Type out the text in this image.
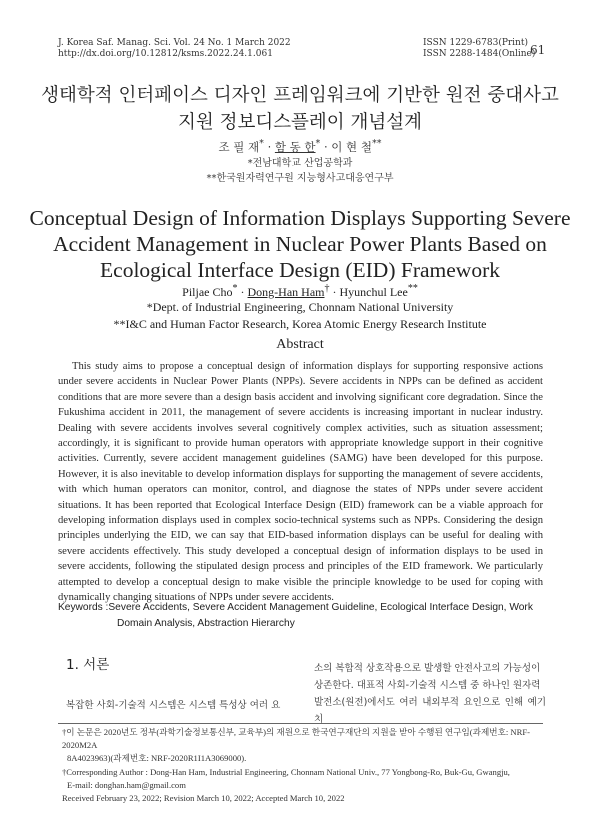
J. Korea Saf. Manag. Sci. Vol. 24 No. 1 March 2022
http://dx.doi.org/10.12812/ksms.2022.24.1.061
ISSN 1229-6783(Print)
ISSN 2288-1484(Online)
61
생태학적 인터페이스 디자인 프레임워크에 기반한 원전 중대사고
지원 정보디스플레이 개념설계
조 필 재* · 함 동 한* · 이 현 철**
*전남대학교 산업공학과
**한국원자력연구원 지능형사고대응연구부
Conceptual Design of Information Displays Supporting Severe
Accident Management in Nuclear Power Plants Based on
Ecological Interface Design (EID) Framework
Piljae Cho* · Dong-Han Ham† · Hyunchul Lee**
*Dept. of Industrial Engineering, Chonnam National University
**I&C and Human Factor Research, Korea Atomic Energy Research Institute
Abstract
This study aims to propose a conceptual design of information displays for supporting responsive actions under severe accidents in Nuclear Power Plants (NPPs). Severe accidents in NPPs can be defined as accident conditions that are more severe than a design basis accident and involving significant core degradation. Since the Fukushima accident in 2011, the management of severe accidents is increasing important in nuclear industry. Dealing with severe accidents involves several cognitively complex activities, such as situation assessment; accordingly, it is significant to provide human operators with appropriate knowledge support in their cognitive activities. Currently, severe accident management guidelines (SAMG) have been developed for this purpose. However, it is also inevitable to develop information displays for supporting the management of severe accidents, with which human operators can monitor, control, and diagnose the states of NPPs under severe accident situations. It has been reported that Ecological Interface Design (EID) framework can be a viable approach for developing information displays used in complex socio-technical systems such as NPPs. Considering the design principles underlying the EID, we can say that EID-based information displays can be useful for dealing with severe accidents effectively. This study developed a conceptual design of information displays to be used in severe accidents, following the stipulated design process and principles of the EID framework. We particularly attempted to develop a conceptual design to make visible the principle knowledge to be used for coping with dynamically changing situations of NPPs under severe accidents.
Keywords :Severe Accidents, Severe Accident Management Guideline, Ecological Interface Design, Work
Domain Analysis, Abstraction Hierarchy
1. 서론
복잡한 사회-기술적 시스템은 시스템 특성상 여러 요
소의 복합적 상호작용으로 발생할 안전사고의 가능성이
상존한다. 대표적 사회-기술적 시스템 중 하나인 원자력
발전소(원전)에서도 여러 내외부적 요인으로 인해 예기치
†이 논문은 2020년도 정부(과학기술정보통신부, 교육부)의 재원으로 한국연구재단의 지원을 받아 수행된 연구임(과제번호: NRF-2020M2A
8A4023963)(과제번호: NRF-2020R1I1A3069000).
†Corresponding Author : Dong-Han Ham, Industrial Engineering, Chonnam National Univ., 77 Yongbong-Ro, Buk-Gu, Gwangju,
E-mail: donghan.ham@gmail.com
Received February 23, 2022; Revision March 10, 2022; Accepted March 10, 2022
